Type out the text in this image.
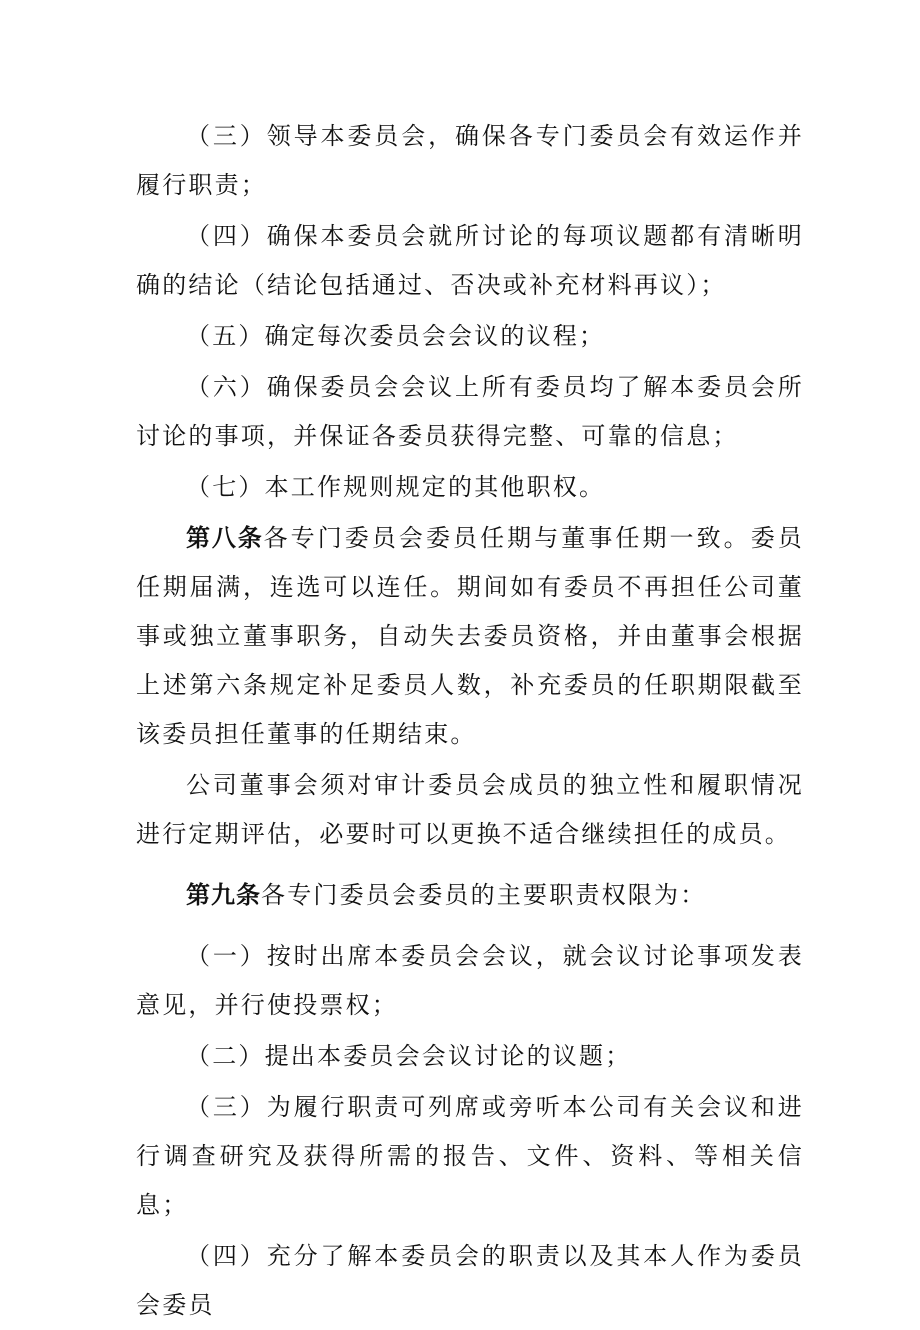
（三）领导本委员会，确保各专门委员会有效运作并履行职责；

（四）确保本委员会就所讨论的每项议题都有清晰明确的结论（结论包括通过、否决或补充材料再议）；

（五）确定每次委员会会议的议程；

（六）确保委员会会议上所有委员均了解本委员会所讨论的事项，并保证各委员获得完整、可靠的信息；

（七）本工作规则规定的其他职权。

第八条各专门委员会委员任期与董事任期一致。委员任期届满，连选可以连任。期间如有委员不再担任公司董事或独立董事职务，自动失去委员资格，并由董事会根据上述第六条规定补足委员人数，补充委员的任职期限截至该委员担任董事的任期结束。

公司董事会须对审计委员会成员的独立性和履职情况进行定期评估，必要时可以更换不适合继续担任的成员。

第九条各专门委员会委员的主要职责权限为：

（一）按时出席本委员会会议，就会议讨论事项发表意见，并行使投票权；

（二）提出本委员会会议讨论的议题；

（三）为履行职责可列席或旁听本公司有关会议和进行调查研究及获得所需的报告、文件、资料、等相关信息；

（四）充分了解本委员会的职责以及其本人作为委员会委员
